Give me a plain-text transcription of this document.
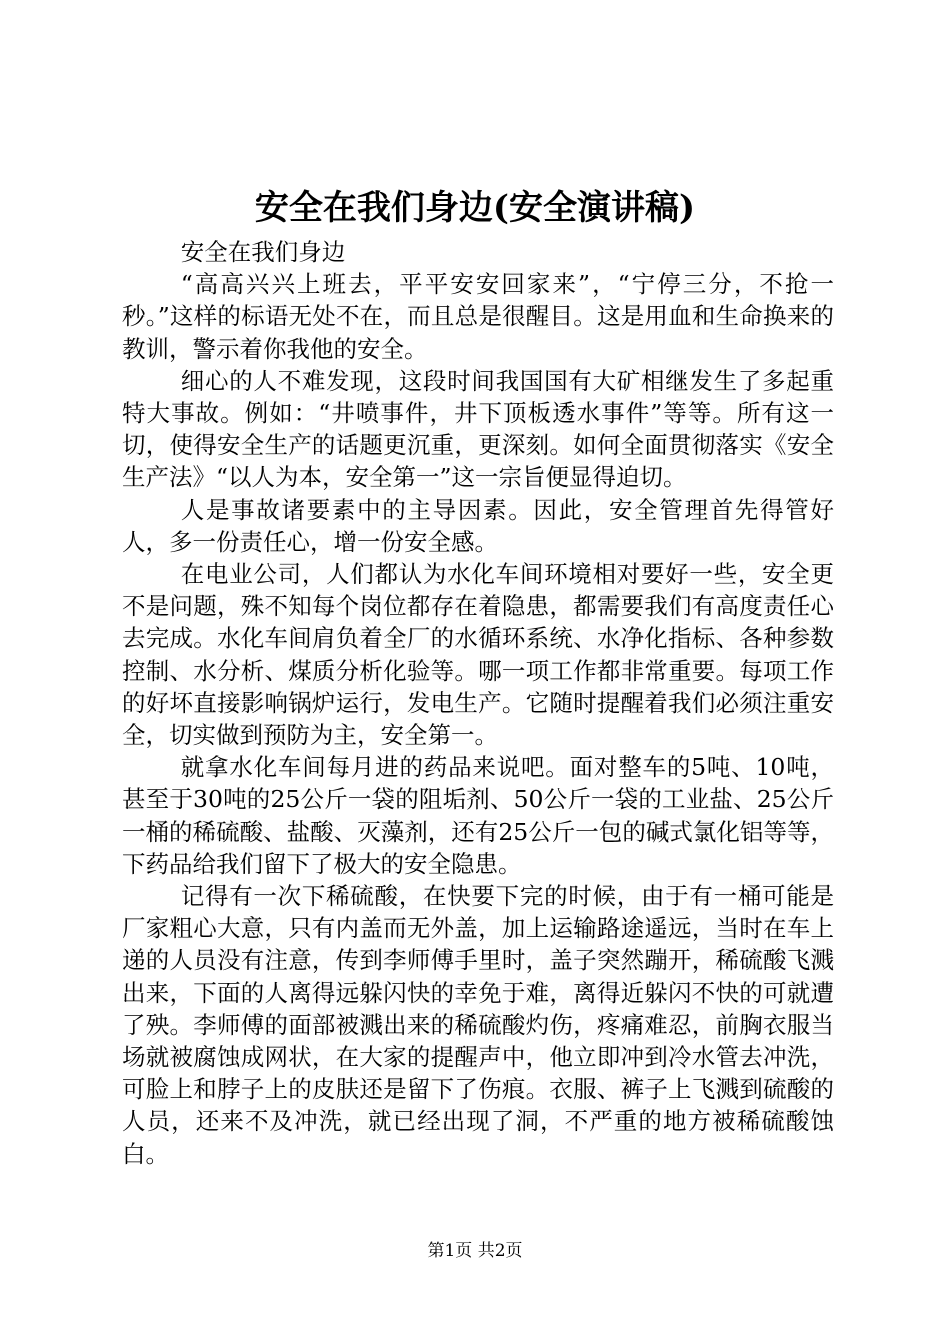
安全在我们身边(安全演讲稿)

安全在我们身边

“高高兴兴上班去，平平安安回家来”，“宁停三分，不抢一秒。”这样的标语无处不在，而且总是很醒目。这是用血和生命换来的教训，警示着你我他的安全。

细心的人不难发现，这段时间我国国有大矿相继发生了多起重特大事故。例如：“井喷事件，井下顶板透水事件”等等。所有这一切，使得安全生产的话题更沉重，更深刻。如何全面贯彻落实《安全生产法》“以人为本，安全第一”这一宗旨便显得迫切。

人是事故诸要素中的主导因素。因此，安全管理首先得管好人，多一份责任心，增一份安全感。

在电业公司，人们都认为水化车间环境相对要好一些，安全更不是问题，殊不知每个岗位都存在着隐患，都需要我们有高度责任心去完成。水化车间肩负着全厂的水循环系统、水净化指标、各种参数控制、水分析、煤质分析化验等。哪一项工作都非常重要。每项工作的好坏直接影响锅炉运行，发电生产。它随时提醒着我们必须注重安全，切实做到预防为主，安全第一。

就拿水化车间每月进的药品来说吧。面对整车的5吨、10吨，甚至于30吨的25公斤一袋的阻垢剂、50公斤一袋的工业盐、25公斤一桶的稀硫酸、盐酸、灭藻剂，还有25公斤一包的碱式氯化铝等等，下药品给我们留下了极大的安全隐患。

记得有一次下稀硫酸，在快要下完的时候，由于有一桶可能是厂家粗心大意，只有内盖而无外盖，加上运输路途遥远，当时在车上递的人员没有注意，传到李师傅手里时，盖子突然蹦开，稀硫酸飞溅出来，下面的人离得远躲闪快的幸免于难，离得近躲闪不快的可就遭了殃。李师傅的面部被溅出来的稀硫酸灼伤，疼痛难忍，前胸衣服当场就被腐蚀成网状，在大家的提醒声中，他立即冲到冷水管去冲洗，可脸上和脖子上的皮肤还是留下了伤痕。衣服、裤子上飞溅到硫酸的人员，还来不及冲洗，就已经出现了洞，不严重的地方被稀硫酸蚀白。

第1页 共2页
